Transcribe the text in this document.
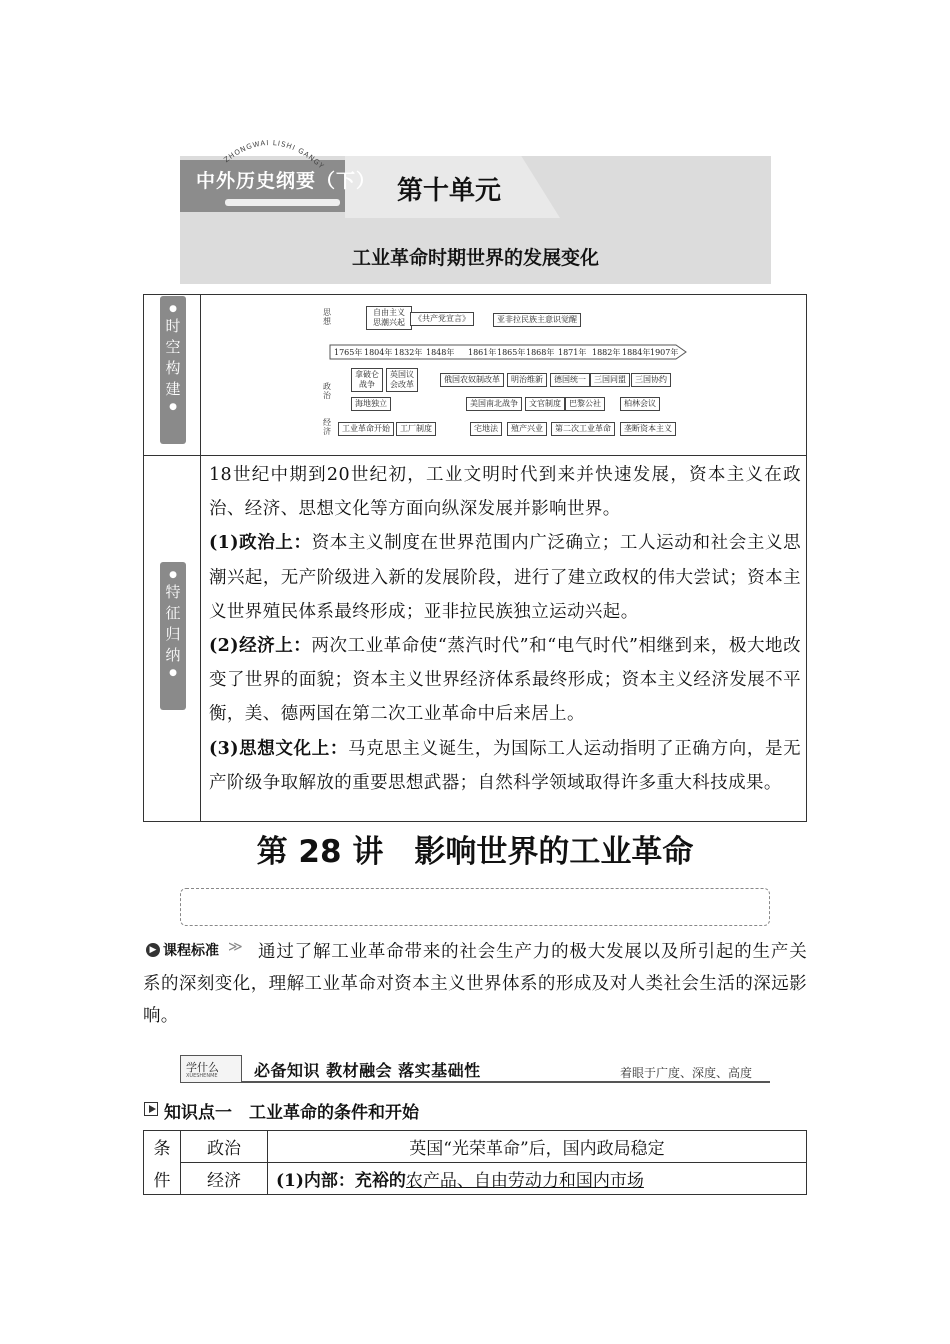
ZHONGWAI LISHI GANGY
中外历史纲要（下） 第十单元
工业革命时期世界的发展变化
●
时
空
构
建
●
●
特
征
归
纳
●
思想
政治
经济
自由主义思潮兴起	《共产党宣言》	亚非拉民族主意识觉醒
1765年 1804年 1832年 1848年 1861年 1865年 1868年 1871年 1882年 1884年 1907年
拿破仑战争
英国议会改革
俄国农奴制改革	明治维新	德国统一	三国同盟	三国协约
海地独立	美国南北战争	文官制度	巴黎公社	柏林会议
工业革命开始	工厂制度	宅地法	殖产兴业	第二次工业革命	垄断资本主义
18世纪中期到20世纪初，工业文明时代到来并快速发展，资本主义在政治、经济、思想文化等方面向纵深发展并影响世界。
(1)政治上：资本主义制度在世界范围内广泛确立；工人运动和社会主义思潮兴起，无产阶级进入新的发展阶段，进行了建立政权的伟大尝试；资本主义世界殖民体系最终形成；亚非拉民族独立运动兴起。
(2)经济上：两次工业革命使“蒸汽时代”和“电气时代”相继到来，极大地改变了世界的面貌；资本主义世界经济体系最终形成；资本主义经济发展不平衡，美、德两国在第二次工业革命中后来居上。
(3)思想文化上：马克思主义诞生，为国际工人运动指明了正确方向，是无产阶级争取解放的重要思想武器；自然科学领域取得许多重大科技成果。
第 28 讲　影响世界的工业革命
通过了解工业革命带来的社会生产力的极大发展以及所引起的生产关系的深刻变化，理解工业革命对资本主义世界体系的形成及对人类社会生活的深远影响。
▶ 课程标准 ≫
学什么
XUESHENME 必备知识 教材融会 落实基础性	着眼于广度、深度、高度
知识点一　工业革命的条件和开始
条	政治	英国“光荣革命”后，国内政局稳定
件	经济	(1)内部：充裕的农产品、自由劳动力和国内市场
